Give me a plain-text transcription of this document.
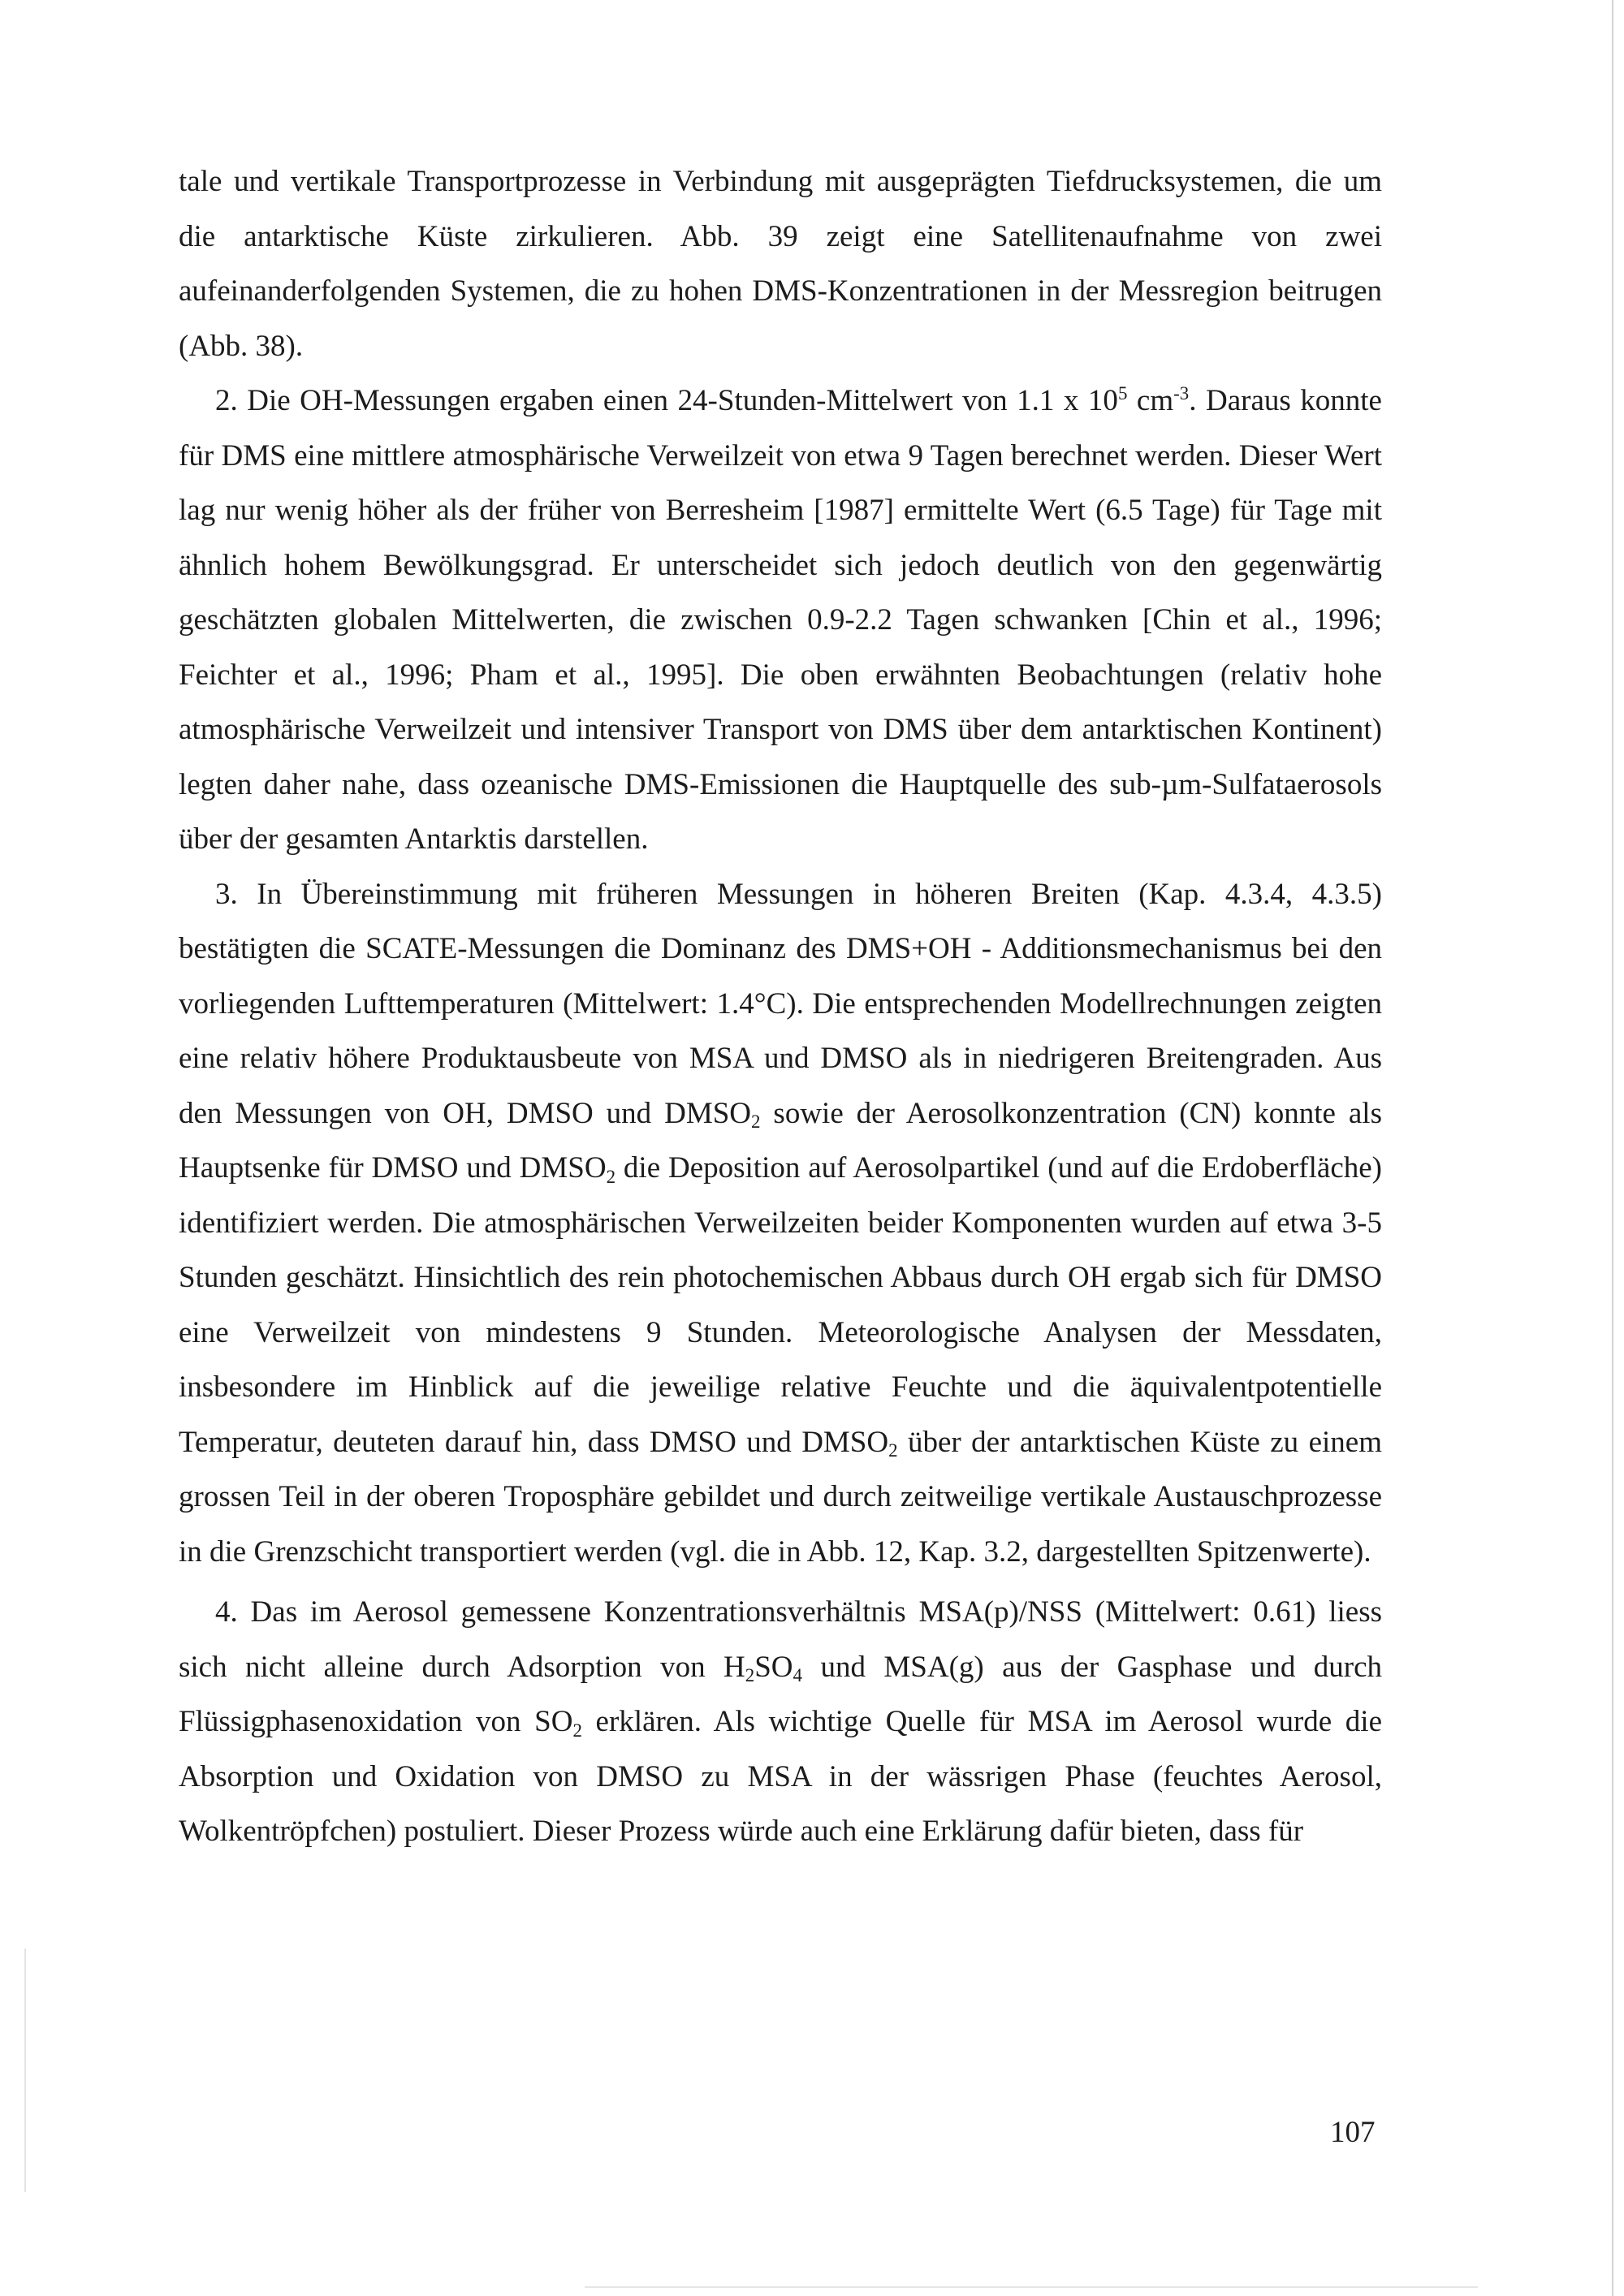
tale und vertikale Transportprozesse in Verbindung mit ausgeprägten Tiefdrucksystemen, die um die antarktische Küste zirkulieren. Abb. 39 zeigt eine Satellitenaufnahme von zwei aufeinanderfolgenden Systemen, die zu hohen DMS-Konzentrationen in der Messregion beitrugen (Abb. 38).

2. Die OH-Messungen ergaben einen 24-Stunden-Mittelwert von 1.1 x $10^5$ $cm^{-3}$. Daraus konnte für DMS eine mittlere atmosphärische Verweilzeit von etwa 9 Tagen berechnet werden. Dieser Wert lag nur wenig höher als der früher von Berresheim [1987] ermittelte Wert (6.5 Tage) für Tage mit ähnlich hohem Bewölkungsgrad. Er unterscheidet sich jedoch deutlich von den gegenwärtig geschätzten globalen Mittelwerten, die zwischen 0.9-2.2 Tagen schwanken [Chin et al., 1996; Feichter et al., 1996; Pham et al., 1995]. Die oben erwähnten Beobachtungen (relativ hohe atmosphärische Verweilzeit und intensiver Transport von DMS über dem antarktischen Kontinent) legten daher nahe, dass ozeanische DMS-Emissionen die Hauptquelle des sub-µm-Sulfataerosols über der gesamten Antarktis darstellen.

3. In Übereinstimmung mit früheren Messungen in höheren Breiten (Kap. 4.3.4, 4.3.5) bestätigten die SCATE-Messungen die Dominanz des DMS+OH - Additionsmechanismus bei den vorliegenden Lufttemperaturen (Mittelwert: 1.4°C). Die entsprechenden Modellrechnungen zeigten eine relativ höhere Produktausbeute von MSA und DMSO als in niedrigeren Breitengraden. Aus den Messungen von OH, DMSO und $DMSO_2$ sowie der Aerosolkonzentration (CN) konnte als Hauptsenke für DMSO und $DMSO_2$ die Deposition auf Aerosolpartikel (und auf die Erdoberfläche) identifiziert werden. Die atmosphärischen Verweilzeiten beider Komponenten wurden auf etwa 3-5 Stunden geschätzt. Hinsichtlich des rein photochemischen Abbaus durch OH ergab sich für DMSO eine Verweilzeit von mindestens 9 Stunden. Meteorologische Analysen der Messdaten, insbesondere im Hinblick auf die jeweilige relative Feuchte und die äquivalentpotentielle Temperatur, deuteten darauf hin, dass DMSO und $DMSO_2$ über der antarktischen Küste zu einem grossen Teil in der oberen Troposphäre gebildet und durch zeitweilige vertikale Austauschprozesse in die Grenzschicht transportiert werden (vgl. die in Abb. 12, Kap. 3.2, dargestellten Spitzenwerte).

4. Das im Aerosol gemessene Konzentrationsverhältnis MSA(p)/NSS (Mittelwert: 0.61) liess sich nicht alleine durch Adsorption von $H_2SO_4$ und MSA(g) aus der Gasphase und durch Flüssigphasenoxidation von $SO_2$ erklären. Als wichtige Quelle für MSA im Aerosol wurde die Absorption und Oxidation von DMSO zu MSA in der wässrigen Phase (feuchtes Aerosol, Wolkentröpfchen) postuliert. Dieser Prozess würde auch eine Erklärung dafür bieten, dass für

107
